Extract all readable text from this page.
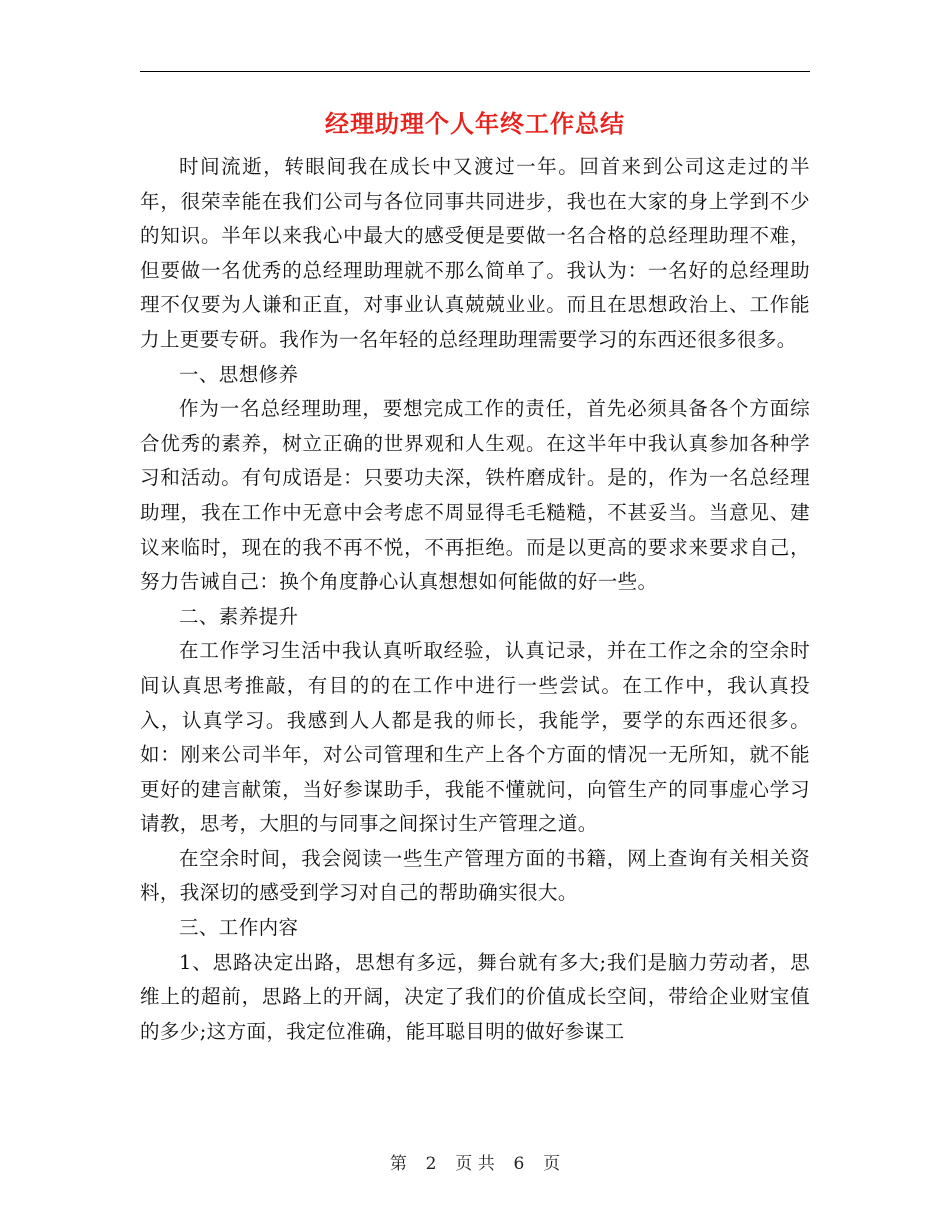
经理助理个人年终工作总结

时间流逝，转眼间我在成长中又渡过一年。回首来到公司这走过的半年，很荣幸能在我们公司与各位同事共同进步，我也在大家的身上学到不少的知识。半年以来我心中最大的感受便是要做一名合格的总经理助理不难，但要做一名优秀的总经理助理就不那么简单了。我认为：一名好的总经理助理不仅要为人谦和正直，对事业认真兢兢业业。而且在思想政治上、工作能力上更要专研。我作为一名年轻的总经理助理需要学习的东西还很多很多。

一、思想修养

作为一名总经理助理，要想完成工作的责任，首先必须具备各个方面综合优秀的素养，树立正确的世界观和人生观。在这半年中我认真参加各种学习和活动。有句成语是：只要功夫深，铁杵磨成针。是的，作为一名总经理助理，我在工作中无意中会考虑不周显得毛毛糙糙，不甚妥当。当意见、建议来临时，现在的我不再不悦，不再拒绝。而是以更高的要求来要求自己，努力告诫自己：换个角度静心认真想想如何能做的好一些。

二、素养提升

在工作学习生活中我认真听取经验，认真记录，并在工作之余的空余时间认真思考推敲，有目的的在工作中进行一些尝试。在工作中，我认真投入，认真学习。我感到人人都是我的师长，我能学，要学的东西还很多。如：刚来公司半年，对公司管理和生产上各个方面的情况一无所知，就不能更好的建言献策，当好参谋助手，我能不懂就问，向管生产的同事虚心学习请教，思考，大胆的与同事之间探讨生产管理之道。

在空余时间，我会阅读一些生产管理方面的书籍，网上查询有关相关资料，我深切的感受到学习对自己的帮助确实很大。

三、工作内容

1、思路决定出路，思想有多远，舞台就有多大;我们是脑力劳动者，思维上的超前，思路上的开阔，决定了我们的价值成长空间，带给企业财宝值的多少;这方面，我定位准确，能耳聪目明的做好参谋工

第 2 页 共 6 页
